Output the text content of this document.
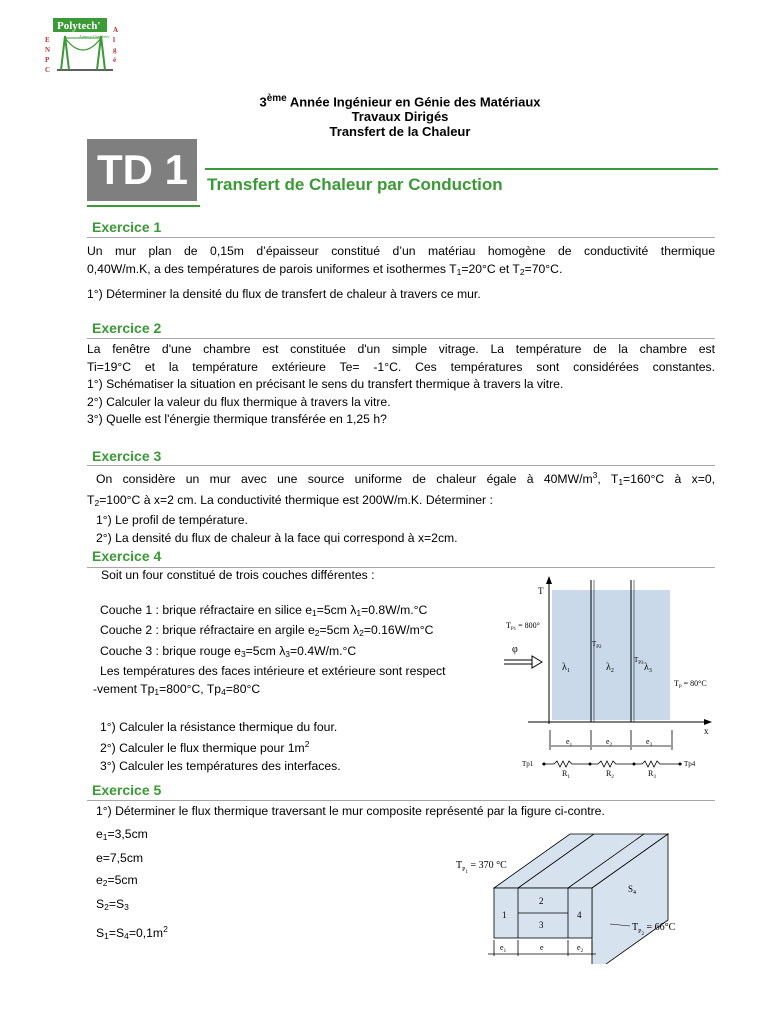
Polytech'
Annecy-Chambéry
E
N
P
C
A
l
g
é
3ème Année Ingénieur en Génie des Matériaux
Travaux Dirigés
Transfert de la Chaleur
TD 1	Transfert de Chaleur par Conduction
Exercice 1
Un mur plan de 0,15m d’épaisseur constitué d’un matériau homogène de conductivité thermique
0,40W/m.K, a des températures de parois uniformes et isothermes $T_1=20^\circ C$ et $T_2=70^\circ C$.
1°) Déterminer la densité du flux de transfert de chaleur à travers ce mur.
Exercice 2
La fenêtre d'une chambre est constituée d'un simple vitrage. La température de la chambre est
Ti=19°C et la température extérieure Te= -1°C. Ces températures sont considérées constantes.
1°) Schématiser la situation en précisant le sens du transfert thermique à travers la vitre.
2°) Calculer la valeur du flux thermique à travers la vitre.
3°) Quelle est l'énergie thermique transférée en 1,25 h?
Exercice 3
On considère un mur avec une source uniforme de chaleur égale à $40MW/m^3$, $T_1=160^\circ C$ à x=0,
$T_2=100^\circ C$ à x=2 cm. La conductivité thermique est 200W/m.K. Déterminer :
1°) Le profil de température.
2°) La densité du flux de chaleur à la face qui correspond à x=2cm.
Exercice 4
Soit un four constitué de trois couches différentes :
Couche 1 : brique réfractaire en silice $e_1=5cm$ $\lambda_1=0.8W/m.^\circ C$
Couche 2 : brique réfractaire en argile $e_2=5cm$ $\lambda_2=0.16W/m^\circ C$
Couche 3 : brique rouge $e_3=5cm$ $\lambda_3=0.4W/m.^\circ C$
Les températures des faces intérieure et extérieure sont respect
-vement $Tp_1=800^\circ C$, $Tp_4=80^\circ C$
1°) Calculer la résistance thermique du four.
2°) Calculer le flux thermique pour $1m^2$
3°) Calculer les températures des interfaces.
T
x
$T_{P1} = 800^\circ$
$T_{P2}$
$T_{P3}$
$T_P = 80^\circ C$
φ
$\lambda_1$	$\lambda_2$	$\lambda_3$
$e_1$	$e_2$	$e_3$
Tp1	Tp4
$R_1$	$R_2$	$R_3$
Exercice 5
1°) Déterminer le flux thermique traversant le mur composite représenté par la figure ci-contre.
$e_1=3,5cm$
e=7,5cm
$e_2=5cm$
$S_2=S_3$
$S_1=S_4=0,1m^2$
1
2
3
4
$S_4$
$T_{P1} = 370$ °C
$T_{P2} = 66^\circ C$
$e_1$	e	$e_2$
